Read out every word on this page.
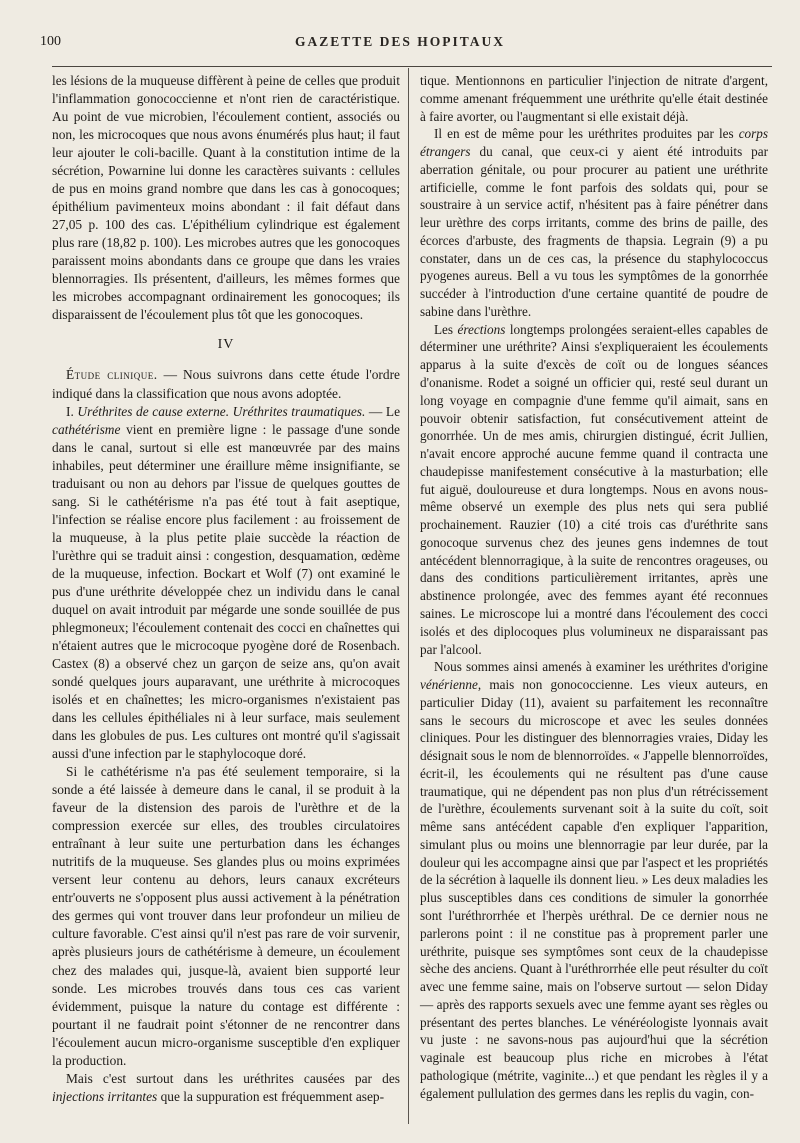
100	GAZETTE DES HOPITAUX

les lésions de la muqueuse diffèrent à peine de celles que produit l'inflammation gonococcienne et n'ont rien de caractéristique. Au point de vue microbien, l'écoulement contient, associés ou non, les microcoques que nous avons énumérés plus haut; il faut leur ajouter le coli-bacille. Quant à la constitution intime de la sécrétion, Powarnine lui donne les caractères suivants : cellules de pus en moins grand nombre que dans les cas à gonocoques; épithélium pavimenteux moins abondant : il fait défaut dans 27,05 p. 100 des cas. L'épithélium cylindrique est également plus rare (18,82 p. 100). Les microbes autres que les gonocoques paraissent moins abondants dans ce groupe que dans les vraies blennorragies. Ils présentent, d'ailleurs, les mêmes formes que les microbes accompagnant ordinairement les gonocoques; ils disparaissent de l'écoulement plus tôt que les gonocoques.

IV

Étude clinique. — Nous suivrons dans cette étude l'ordre indiqué dans la classification que nous avons adoptée.

I. Uréthrites de cause externe. Uréthrites traumatiques. — Le cathétérisme vient en première ligne : le passage d'une sonde dans le canal, surtout si elle est manœuvrée par des mains inhabiles, peut déterminer une éraillure même insignifiante, se traduisant ou non au dehors par l'issue de quelques gouttes de sang. Si le cathétérisme n'a pas été tout à fait aseptique, l'infection se réalise encore plus facilement : au froissement de la muqueuse, à la plus petite plaie succède la réaction de l'urèthre qui se traduit ainsi : congestion, desquamation, œdème de la muqueuse, infection. Bockart et Wolf (7) ont examiné le pus d'une uréthrite développée chez un individu dans le canal duquel on avait introduit par mégarde une sonde souillée de pus phlegmoneux; l'écoulement contenait des cocci en chaînettes qui n'étaient autres que le microcoque pyogène doré de Rosenbach. Castex (8) a observé chez un garçon de seize ans, qu'on avait sondé quelques jours auparavant, une uréthrite à microcoques isolés et en chaînettes; les micro-organismes n'existaient pas dans les cellules épithéliales ni à leur surface, mais seulement dans les globules de pus. Les cultures ont montré qu'il s'agissait aussi d'une infection par le staphylocoque doré.

Si le cathétérisme n'a pas été seulement temporaire, si la sonde a été laissée à demeure dans le canal, il se produit à la faveur de la distension des parois de l'urèthre et de la compression exercée sur elles, des troubles circulatoires entraînant à leur suite une perturbation dans les échanges nutritifs de la muqueuse. Ses glandes plus ou moins exprimées versent leur contenu au dehors, leurs canaux excréteurs entr'ouverts ne s'opposent plus aussi activement à la pénétration des germes qui vont trouver dans leur profondeur un milieu de culture favorable. C'est ainsi qu'il n'est pas rare de voir survenir, après plusieurs jours de cathétérisme à demeure, un écoulement chez des malades qui, jusque-là, avaient bien supporté leur sonde. Les microbes trouvés dans tous ces cas varient évidemment, puisque la nature du contage est différente : pourtant il ne faudrait point s'étonner de ne rencontrer dans l'écoulement aucun micro-organisme susceptible d'en expliquer la production.

Mais c'est surtout dans les uréthrites causées par des injections irritantes que la suppuration est fréquemment asep-

tique. Mentionnons en particulier l'injection de nitrate d'argent, comme amenant fréquemment une uréthrite qu'elle était destinée à faire avorter, ou l'augmentant si elle existait déjà.

Il en est de même pour les uréthrites produites par les corps étrangers du canal, que ceux-ci y aient été introduits par aberration génitale, ou pour procurer au patient une uréthrite artificielle, comme le font parfois des soldats qui, pour se soustraire à un service actif, n'hésitent pas à faire pénétrer dans leur urèthre des corps irritants, comme des brins de paille, des écorces d'arbuste, des fragments de thapsia. Legrain (9) a pu constater, dans un de ces cas, la présence du staphylococcus pyogenes aureus. Bell a vu tous les symptômes de la gonorrhée succéder à l'introduction d'une certaine quantité de poudre de sabine dans l'urèthre.

Les érections longtemps prolongées seraient-elles capables de déterminer une uréthrite? Ainsi s'expliqueraient les écoulements apparus à la suite d'excès de coït ou de longues séances d'onanisme. Rodet a soigné un officier qui, resté seul durant un long voyage en compagnie d'une femme qu'il aimait, sans en pouvoir obtenir satisfaction, fut consécutivement atteint de gonorrhée. Un de mes amis, chirurgien distingué, écrit Jullien, n'avait encore approché aucune femme quand il contracta une chaudepisse manifestement consécutive à la masturbation; elle fut aiguë, douloureuse et dura longtemps. Nous en avons nous-même observé un exemple des plus nets qui sera publié prochainement. Rauzier (10) a cité trois cas d'uréthrite sans gonocoque survenus chez des jeunes gens indemnes de tout antécédent blennorragique, à la suite de rencontres orageuses, ou dans des conditions particulièrement irritantes, après une abstinence prolongée, avec des femmes ayant été reconnues saines. Le microscope lui a montré dans l'écoulement des cocci isolés et des diplocoques plus volumineux ne disparaissant pas par l'alcool.

Nous sommes ainsi amenés à examiner les uréthrites d'origine vénérienne, mais non gonococcienne. Les vieux auteurs, en particulier Diday (11), avaient su parfaitement les reconnaître sans le secours du microscope et avec les seules données cliniques. Pour les distinguer des blennorragies vraies, Diday les désignait sous le nom de blennorroïdes. « J'appelle blennorroïdes, écrit-il, les écoulements qui ne résultent pas d'une cause traumatique, qui ne dépendent pas non plus d'un rétrécissement de l'urèthre, écoulements survenant soit à la suite du coït, soit même sans antécédent capable d'en expliquer l'apparition, simulant plus ou moins une blennorragie par leur durée, par la douleur qui les accompagne ainsi que par l'aspect et les propriétés de la sécrétion à laquelle ils donnent lieu. » Les deux maladies les plus susceptibles dans ces conditions de simuler la gonorrhée sont l'uréthrorrhée et l'herpès uréthral. De ce dernier nous ne parlerons point : il ne constitue pas à proprement parler une uréthrite, puisque ses symptômes sont ceux de la chaudepisse sèche des anciens. Quant à l'uréthrorrhée elle peut résulter du coït avec une femme saine, mais on l'observe surtout — selon Diday — après des rapports sexuels avec une femme ayant ses règles ou présentant des pertes blanches. Le vénéréologiste lyonnais avait vu juste : ne savons-nous pas aujourd'hui que la sécrétion vaginale est beaucoup plus riche en microbes à l'état pathologique (métrite, vaginite...) et que pendant les règles il y a également pullulation des germes dans les replis du vagin, con-
